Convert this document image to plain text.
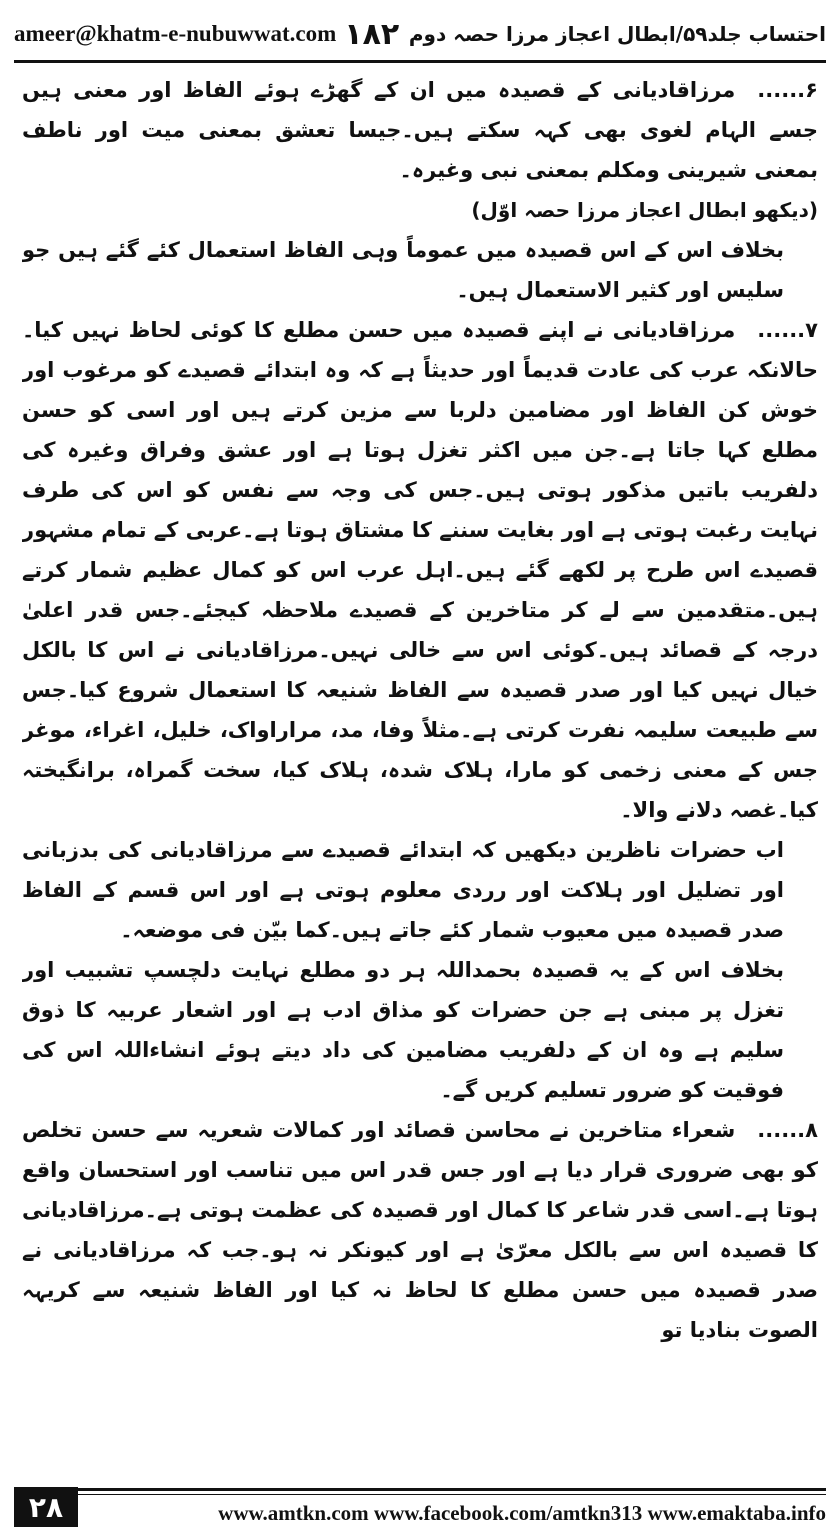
ameer@khatm-e-nubuwwat.com ۱۸۲ احتساب جلد۵۹/ابطال اعجاز مرزا حصہ دوم

۶......مرزاقادیانی کے قصیدہ میں ان کے گھڑے ہوئے الفاظ اور معنی ہیں جسے الہام لغوی بھی کہہ سکتے ہیں۔جیسا تعشق بمعنی میت اور ناطف بمعنی شیرینی ومکلم بمعنی نبی وغیرہ۔

(دیکھو ابطال اعجاز مرزا حصہ اوّل)

بخلاف اس کے اس قصیدہ میں عموماً وہی الفاظ استعمال کئے گئے ہیں جو سلیس اور کثیر الاستعمال ہیں۔

۷......مرزاقادیانی نے اپنے قصیدہ میں حسن مطلع کا کوئی لحاظ نہیں کیا۔حالانکہ عرب کی عادت قدیماً اور حدیثاً ہے کہ وہ ابتدائے قصیدے کو مرغوب اور خوش کن الفاظ اور مضامین دلربا سے مزین کرتے ہیں اور اسی کو حسن مطلع کہا جاتا ہے۔جن میں اکثر تغزل ہوتا ہے اور عشق وفراق وغیرہ کی دلفریب باتیں مذکور ہوتی ہیں۔جس کی وجہ سے نفس کو اس کی طرف نہایت رغبت ہوتی ہے اور بغایت سننے کا مشتاق ہوتا ہے۔عربی کے تمام مشہور قصیدے اس طرح پر لکھے گئے ہیں۔اہل عرب اس کو کمال عظیم شمار کرتے ہیں۔متقدمین سے لے کر متاخرین کے قصیدے ملاحظہ کیجئے۔جس قدر اعلیٰ درجہ کے قصائد ہیں۔کوئی اس سے خالی نہیں۔مرزاقادیانی نے اس کا بالکل خیال نہیں کیا اور صدر قصیدہ سے الفاظ شنیعہ کا استعمال شروع کیا۔جس سے طبیعت سلیمہ نفرت کرتی ہے۔مثلاً وفا، مد، مراراواک، خلیل، اغراء، موغر جس کے معنی زخمی کو مارا، ہلاک شدہ، ہلاک کیا، سخت گمراہ، برانگیختہ کیا۔غصہ دلانے والا۔

اب حضرات ناظرین دیکھیں کہ ابتدائے قصیدے سے مرزاقادیانی کی بدزبانی اور تضلیل اور ہلاکت اور رردی معلوم ہوتی ہے اور اس قسم کے الفاظ صدر قصیدہ میں معیوب شمار کئے جاتے ہیں۔کما بیّن فی موضعہ۔

بخلاف اس کے یہ قصیدہ بحمداللہ ہر دو مطلع نہایت دلچسپ تشبیب اور تغزل پر مبنی ہے جن حضرات کو مذاق ادب ہے اور اشعار عربیہ کا ذوق سلیم ہے وہ ان کے دلفریب مضامین کی داد دیتے ہوئے انشاءاللہ اس کی فوقیت کو ضرور تسلیم کریں گے۔

۸......شعراء متاخرین نے محاسن قصائد اور کمالات شعریہ سے حسن تخلص کو بھی ضروری قرار دیا ہے اور جس قدر اس میں تناسب اور استحسان واقع ہوتا ہے۔اسی قدر شاعر کا کمال اور قصیدہ کی عظمت ہوتی ہے۔مرزاقادیانی کا قصیدہ اس سے بالکل معرّیٰ ہے اور کیونکر نہ ہو۔جب کہ مرزاقادیانی نے صدر قصیدہ میں حسن مطلع کا لحاظ نہ کیا اور الفاظ شنیعہ سے کریہہ الصوت بنادیا تو

۲۸	www.amtkn.com www.facebook.com/amtkn313 www.emaktaba.info
